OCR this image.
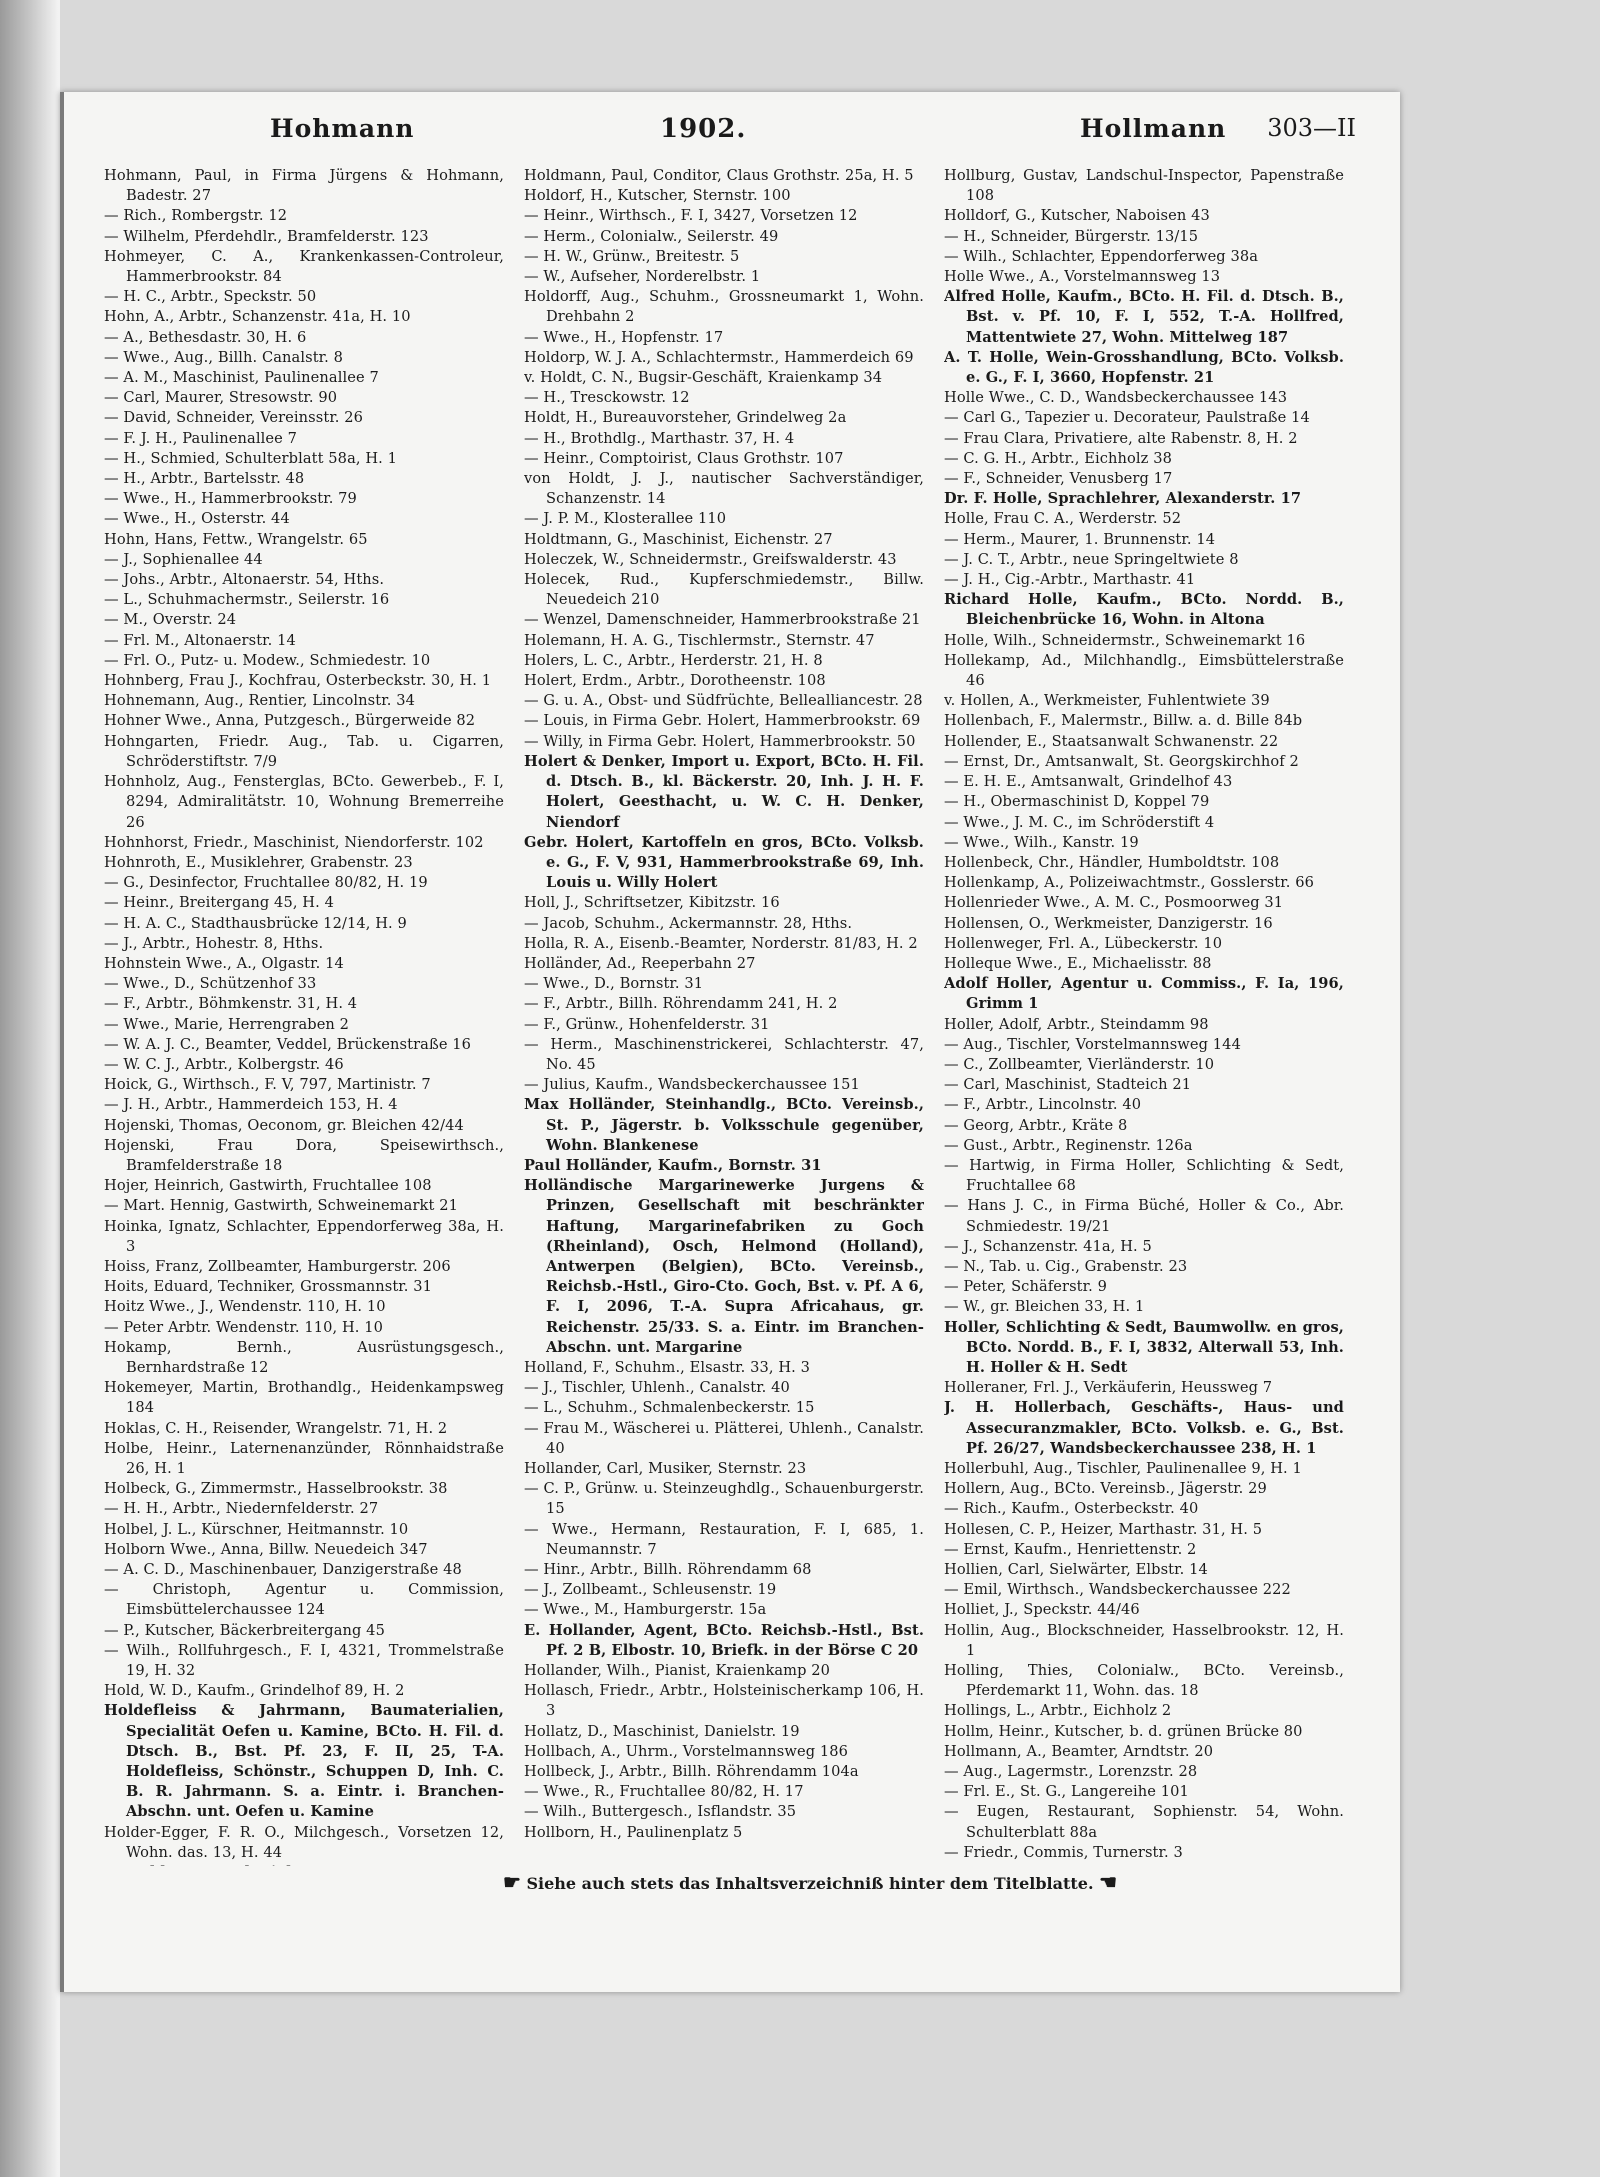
Hohmann	1902.	Hollmann 303—II

Hohmann, Paul, in Firma Jürgens & Hohmann, Badestr. 27

— Rich., Rombergstr. 12

— Wilhelm, Pferdehdlr., Bramfelderstr. 123

Hohmeyer, C. A., Krankenkassen-Controleur, Hammerbrookstr. 84

— H. C., Arbtr., Speckstr. 50

Hohn, A., Arbtr., Schanzenstr. 41a, H. 10

— A., Bethesdastr. 30, H. 6

— Wwe., Aug., Billh. Canalstr. 8

— A. M., Maschinist, Paulinenallee 7

— Carl, Maurer, Stresowstr. 90

— David, Schneider, Vereinsstr. 26

— F. J. H., Paulinenallee 7

— H., Schmied, Schulterblatt 58a, H. 1

— H., Arbtr., Bartelsstr. 48

— Wwe., H., Hammerbrookstr. 79

— Wwe., H., Osterstr. 44

Hohn, Hans, Fettw., Wrangelstr. 65

— J., Sophienallee 44

— Johs., Arbtr., Altonaerstr. 54, Hths.

— L., Schuhmachermstr., Seilerstr. 16

— M., Overstr. 24

— Frl. M., Altonaerstr. 14

— Frl. O., Putz- u. Modew., Schmiedestr. 10

Hohnberg, Frau J., Kochfrau, Osterbeckstr. 30, H. 1

Hohnemann, Aug., Rentier, Lincolnstr. 34

Hohner Wwe., Anna, Putzgesch., Bürgerweide 82

Hohngarten, Friedr. Aug., Tab. u. Cigarren, Schröderstiftstr. 7/9

Hohnholz, Aug., Fensterglas, BCto. Gewerbeb., F. I, 8294, Admiralitätstr. 10, Wohnung Bremerreihe 26

Hohnhorst, Friedr., Maschinist, Niendorferstr. 102

Hohnroth, E., Musiklehrer, Grabenstr. 23

— G., Desinfector, Fruchtallee 80/82, H. 19

— Heinr., Breitergang 45, H. 4

— H. A. C., Stadthausbrücke 12/14, H. 9

— J., Arbtr., Hohestr. 8, Hths.

Hohnstein Wwe., A., Olgastr. 14

— Wwe., D., Schützenhof 33

— F., Arbtr., Böhmkenstr. 31, H. 4

— Wwe., Marie, Herrengraben 2

— W. A. J. C., Beamter, Veddel, Brückenstraße 16

— W. C. J., Arbtr., Kolbergstr. 46

Hoick, G., Wirthsch., F. V, 797, Martinistr. 7

— J. H., Arbtr., Hammerdeich 153, H. 4

Hojenski, Thomas, Oeconom, gr. Bleichen 42/44

Hojenski, Frau Dora, Speisewirthsch., Bramfelderstraße 18

Hojer, Heinrich, Gastwirth, Fruchtallee 108

— Mart. Hennig, Gastwirth, Schweinemarkt 21

Hoinka, Ignatz, Schlachter, Eppendorferweg 38a, H. 3

Hoiss, Franz, Zollbeamter, Hamburgerstr. 206

Hoits, Eduard, Techniker, Grossmannstr. 31

Hoitz Wwe., J., Wendenstr. 110, H. 10

— Peter Arbtr. Wendenstr. 110, H. 10

Hokamp, Bernh., Ausrüstungsgesch., Bernhardstraße 12

Hokemeyer, Martin, Brothandlg., Heidenkampsweg 184

Hoklas, C. H., Reisender, Wrangelstr. 71, H. 2

Holbe, Heinr., Laternenanzünder, Rönnhaidstraße 26, H. 1

Holbeck, G., Zimmermstr., Hasselbrookstr. 38

— H. H., Arbtr., Niedernfelderstr. 27

Holbel, J. L., Kürschner, Heitmannstr. 10

Holborn Wwe., Anna, Billw. Neuedeich 347

— A. C. D., Maschinenbauer, Danzigerstraße 48

— Christoph, Agentur u. Commission, Eimsbüttelerchaussee 124

— P., Kutscher, Bäckerbreitergang 45

— Wilh., Rollfuhrgesch., F. I, 4321, Trommelstraße 19, H. 32

Hold, W. D., Kaufm., Grindelhof 89, H. 2

Holdefleiss & Jahrmann, Baumaterialien, Specialität Oefen u. Kamine, BCto. H. Fil. d. Dtsch. B., Bst. Pf. 23, F. II, 25, T-A. Holdefleiss, Schönstr., Schuppen D, Inh. C. B. R. Jahrmann. S. a. Eintr. i. Branchen-Abschn. unt. Oefen u. Kamine

Holder-Egger, F. R. O., Milchgesch., Vorsetzen 12, Wohn. das. 13, H. 44

Holdmann, Paul, Conditor, Claus Grothstr. 25a, H. 5

Holdorf, H., Kutscher, Sternstr. 100

— Heinr., Wirthsch., F. I, 3427, Vorsetzen 12

— Herm., Colonialw., Seilerstr. 49

— H. W., Grünw., Breitestr. 5

— W., Aufseher, Norderelbstr. 1

Holdorff, Aug., Schuhm., Grossneumarkt 1, Wohn. Drehbahn 2

— Wwe., H., Hopfenstr. 17

Holdorp, W. J. A., Schlachtermstr., Hammerdeich 69

v. Holdt, C. N., Bugsir-Geschäft, Kraienkamp 34

— H., Tresckowstr. 12

Holdt, H., Bureauvorsteher, Grindelweg 2a

— H., Brothdlg., Marthastr. 37, H. 4

— Heinr., Comptoirist, Claus Grothstr. 107

von Holdt, J. J., nautischer Sachverständiger, Schanzenstr. 14

— J. P. M., Klosterallee 110

Holdtmann, G., Maschinist, Eichenstr. 27

Holeczek, W., Schneidermstr., Greifswalderstr. 43

Holecek, Rud., Kupferschmiedemstr., Billw. Neuedeich 210

— Wenzel, Damenschneider, Hammerbrookstraße 21

Holemann, H. A. G., Tischlermstr., Sternstr. 47

Holers, L. C., Arbtr., Herderstr. 21, H. 8

Holert, Erdm., Arbtr., Dorotheenstr. 108

— G. u. A., Obst- und Südfrüchte, Bellealliancestr. 28

— Louis, in Firma Gebr. Holert, Hammerbrookstr. 69

— Willy, in Firma Gebr. Holert, Hammerbrookstr. 50

Holert & Denker, Import u. Export, BCto. H. Fil. d. Dtsch. B., kl. Bäckerstr. 20, Inh. J. H. F. Holert, Geesthacht, u. W. C. H. Denker, Niendorf

Gebr. Holert, Kartoffeln en gros, BCto. Volksb. e. G., F. V, 931, Hammerbrookstraße 69, Inh. Louis u. Willy Holert

Holl, J., Schriftsetzer, Kibitzstr. 16

— Jacob, Schuhm., Ackermannstr. 28, Hths.

Holla, R. A., Eisenb.-Beamter, Norderstr. 81/83, H. 2

Holländer, Ad., Reeperbahn 27

— Wwe., D., Bornstr. 31

— F., Arbtr., Billh. Röhrendamm 241, H. 2

— F., Grünw., Hohenfelderstr. 31

— Herm., Maschinenstrickerei, Schlachterstr. 47, No. 45

— Julius, Kaufm., Wandsbeckerchaussee 151

Max Holländer, Steinhandlg., BCto. Vereinsb., St. P., Jägerstr. b. Volksschule gegenüber, Wohn. Blankenese

Paul Holländer, Kaufm., Bornstr. 31

Holländische Margarinewerke Jurgens & Prinzen, Gesellschaft mit beschränkter Haftung, Margarinefabriken zu Goch (Rheinland), Osch, Helmond (Holland), Antwerpen (Belgien), BCto. Vereinsb., Reichsb.-Hstl., Giro-Cto. Goch, Bst. v. Pf. A 6, F. I, 2096, T.-A. Supra Africahaus, gr. Reichenstr. 25/33. S. a. Eintr. im Branchen-Abschn. unt. Margarine

Holland, F., Schuhm., Elsastr. 33, H. 3

— J., Tischler, Uhlenh., Canalstr. 40

— L., Schuhm., Schmalenbeckerstr. 15

— Frau M., Wäscherei u. Plätterei, Uhlenh., Canalstr. 40

Hollander, Carl, Musiker, Sternstr. 23

— C. P., Grünw. u. Steinzeughdlg., Schauenburgerstr. 15

— Wwe., Hermann, Restauration, F. I, 685, 1. Neumannstr. 7

— Hinr., Arbtr., Billh. Röhrendamm 68

— J., Zollbeamt., Schleusenstr. 19

— Wwe., M., Hamburgerstr. 15a

E. Hollander, Agent, BCto. Reichsb.-Hstl., Bst. Pf. 2 B, Elbostr. 10, Briefk. in der Börse C 20

Hollander, Wilh., Pianist, Kraienkamp 20

Hollasch, Friedr., Arbtr., Holsteinischerkamp 106, H. 3

Hollatz, D., Maschinist, Danielstr. 19

Hollbach, A., Uhrm., Vorstelmannsweg 186

Hollbeck, J., Arbtr., Billh. Röhrendamm 104a

— Wwe., R., Fruchtallee 80/82, H. 17

— Wilh., Buttergesch., Isflandstr. 35

Hollborn, H., Paulinenplatz 5

Hollburg, Gustav, Landschul-Inspector, Papenstraße 108

Holldorf, G., Kutscher, Naboisen 43

— H., Schneider, Bürgerstr. 13/15

— Wilh., Schlachter, Eppendorferweg 38a

Holle Wwe., A., Vorstelmannsweg 13

Alfred Holle, Kaufm., BCto. H. Fil. d. Dtsch. B., Bst. v. Pf. 10, F. I, 552, T.-A. Hollfred, Mattentwiete 27, Wohn. Mittelweg 187

A. T. Holle, Wein-Grosshandlung, BCto. Volksb. e. G., F. I, 3660, Hopfenstr. 21

Holle Wwe., C. D., Wandsbeckerchaussee 143

— Carl G., Tapezier u. Decorateur, Paulstraße 14

— Frau Clara, Privatiere, alte Rabenstr. 8, H. 2

— C. G. H., Arbtr., Eichholz 38

— F., Schneider, Venusberg 17

Dr. F. Holle, Sprachlehrer, Alexanderstr. 17

Holle, Frau C. A., Werderstr. 52

— Herm., Maurer, 1. Brunnenstr. 14

— J. C. T., Arbtr., neue Springeltwiete 8

— J. H., Cig.-Arbtr., Marthastr. 41

Richard Holle, Kaufm., BCto. Nordd. B., Bleichenbrücke 16, Wohn. in Altona

Holle, Wilh., Schneidermstr., Schweinemarkt 16

Hollekamp, Ad., Milchhandlg., Eimsbüttelerstraße 46

v. Hollen, A., Werkmeister, Fuhlentwiete 39

Hollenbach, F., Malermstr., Billw. a. d. Bille 84b

Hollender, E., Staatsanwalt Schwanenstr. 22

— Ernst, Dr., Amtsanwalt, St. Georgskirchhof 2

— E. H. E., Amtsanwalt, Grindelhof 43

— H., Obermaschinist D, Koppel 79

— Wwe., J. M. C., im Schröderstift 4

— Wwe., Wilh., Kanstr. 19

Hollenbeck, Chr., Händler, Humboldtstr. 108

Hollenkamp, A., Polizeiwachtmstr., Gosslerstr. 66

Hollenrieder Wwe., A. M. C., Posmoorweg 31

Hollensen, O., Werkmeister, Danzigerstr. 16

Hollenweger, Frl. A., Lübeckerstr. 10

Holleque Wwe., E., Michaelisstr. 88

Adolf Holler, Agentur u. Commiss., F. Ia, 196, Grimm 1

Holler, Adolf, Arbtr., Steindamm 98

— Aug., Tischler, Vorstelmannsweg 144

— C., Zollbeamter, Vierländerstr. 10

— Carl, Maschinist, Stadteich 21

— F., Arbtr., Lincolnstr. 40

— Georg, Arbtr., Kräte 8

— Gust., Arbtr., Reginenstr. 126a

— Hartwig, in Firma Holler, Schlichting & Sedt, Fruchtallee 68

— Hans J. C., in Firma Büché, Holler & Co., Abr. Schmiedestr. 19/21

— J., Schanzenstr. 41a, H. 5

— N., Tab. u. Cig., Grabenstr. 23

— Peter, Schäferstr. 9

— W., gr. Bleichen 33, H. 1

Holler, Schlichting & Sedt, Baumwollw. en gros, BCto. Nordd. B., F. I, 3832, Alterwall 53, Inh. H. Holler & H. Sedt

Holleraner, Frl. J., Verkäuferin, Heussweg 7

J. H. Hollerbach, Geschäfts-, Haus- und Assecuranzmakler, BCto. Volksb. e. G., Bst. Pf. 26/27, Wandsbeckerchaussee 238, H. 1

Hollerbuhl, Aug., Tischler, Paulinenallee 9, H. 1

Hollern, Aug., BCto. Vereinsb., Jägerstr. 29

— Rich., Kaufm., Osterbeckstr. 40

Hollesen, C. P., Heizer, Marthastr. 31, H. 5

— Ernst, Kaufm., Henriettenstr. 2

Hollien, Carl, Sielwärter, Elbstr. 14

— Emil, Wirthsch., Wandsbeckerchaussee 222

Holliet, J., Speckstr. 44/46

Hollin, Aug., Blockschneider, Hasselbrookstr. 12, H. 1

Holling, Thies, Colonialw., BCto. Vereinsb., Pferdemarkt 11, Wohn. das. 18

Hollings, L., Arbtr., Eichholz 2

Hollm, Heinr., Kutscher, b. d. grünen Brücke 80

Hollmann, A., Beamter, Arndtstr. 20

— Aug., Lagermstr., Lorenzstr. 28

— Frl. E., St. G., Langereihe 101

— Eugen, Restaurant, Sophienstr. 54, Wohn. Schulterblatt 88a

— Friedr., Commis, Turnerstr. 3

☛ Siehe auch stets das Inhaltsverzeichniß hinter dem Titelblatte. ☚
